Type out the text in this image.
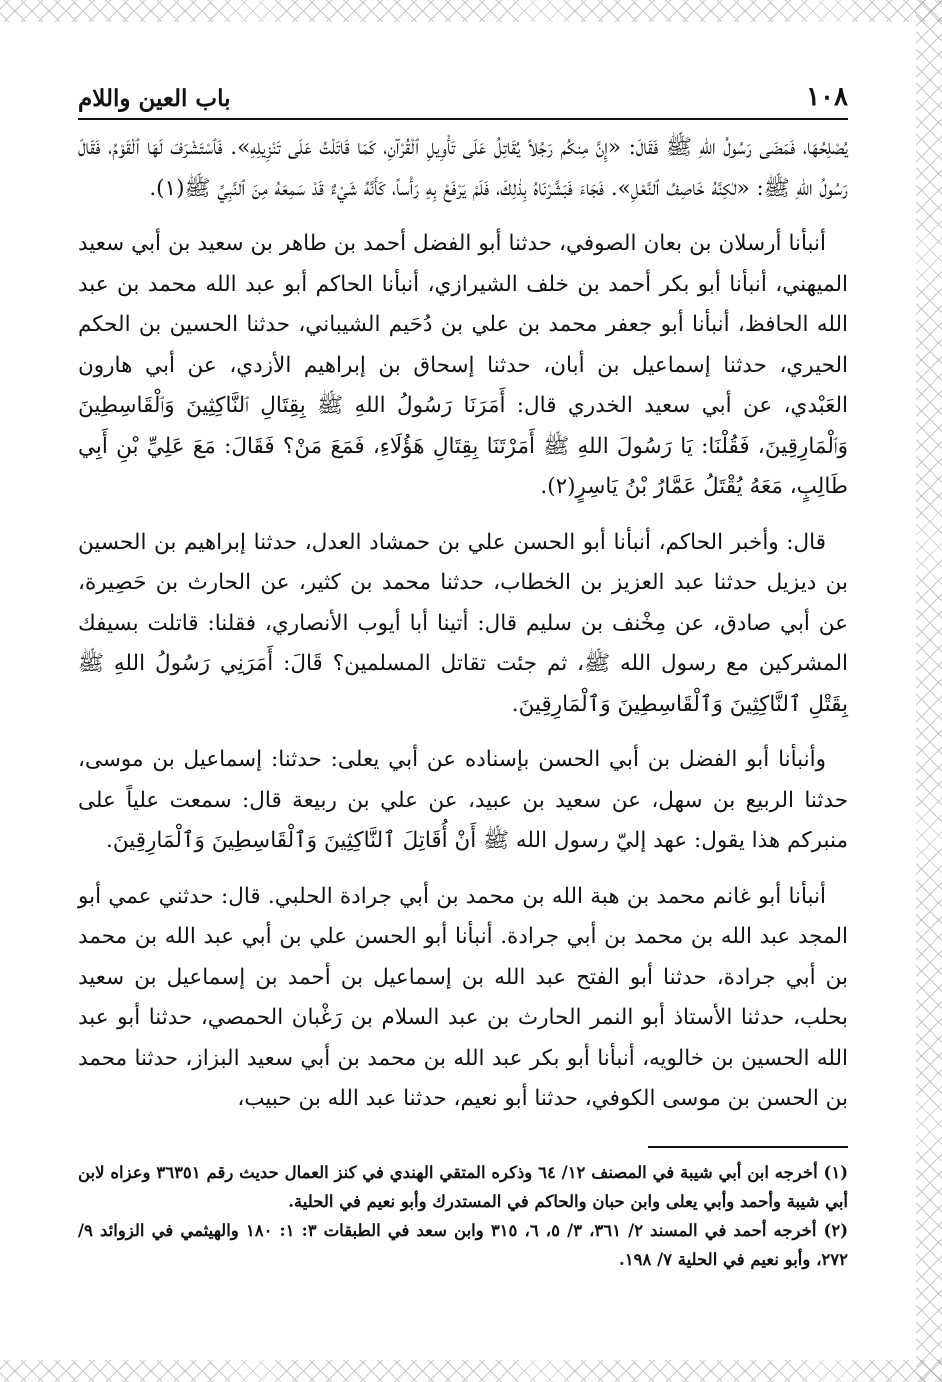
١٠٨
باب العين واللام

يُصْلِحُهَا، فَمَضَى رَسُولُ اللهِ ﷺ فَقَالَ: «إِنَّ مِنكُم رَجُلاً يُقَاتِلُ عَلَى تَأْوِيلِ ٱلْقُرْآنِ، كَمَا قَاتَلْتُ عَلَى تَنْزِيلِهِ». فَٱسْتَشْرَفَ لَهَا ٱلْقَوْمُ، فَقَالَ رَسُولُ اللهِ ﷺ: «لٰكِنَّهُ خَاصِفُ ٱلنَّعْلِ». فَجَاءَ فَبَشَّرْنَاهُ بِذٰلِكَ، فَلَمْ يَرْفَعْ بِهِ رَأْساً، كَأَنَّهُ شَيْءٌ قَدْ سَمِعَهُ مِنَ ٱلنَّبِيِّ ﷺ(١).

أنبأنا أرسلان بن بعان الصوفي، حدثنا أبو الفضل أحمد بن طاهر بن سعيد بن أبي سعيد الميهني، أنبأنا أبو بكر أحمد بن خلف الشيرازي، أنبأنا الحاكم أبو عبد الله محمد بن عبد الله الحافظ، أنبأنا أبو جعفر محمد بن علي بن دُحَيم الشيباني، حدثنا الحسين بن الحكم الحيري، حدثنا إسماعيل بن أبان، حدثنا إسحاق بن إبراهيم الأزدي، عن أبي هارون العَبْدي، عن أبي سعيد الخدري قال: أَمَرَنَا رَسُولُ اللهِ ﷺ بِقِتَالِ ٱلنَّاكِثِينَ وَٱلْقَاسِطِينَ وَٱلْمَارِقِينَ، فَقُلْنَا: يَا رَسُولَ اللهِ ﷺ أَمَرْتَنَا بِقِتَالِ هَؤُلَاءِ، فَمَعَ مَنْ؟ فَقَالَ: مَعَ عَلِيِّ بْنِ أَبِي طَالِبٍ، مَعَهُ يُقْتَلُ عَمَّارُ بْنُ يَاسِرٍ(٢).

قال: وأخبر الحاكم، أنبأنا أبو الحسن علي بن حمشاد العدل، حدثنا إبراهيم بن الحسين بن ديزيل حدثنا عبد العزيز بن الخطاب، حدثنا محمد بن كثير، عن الحارث بن حَصِيرة، عن أبي صادق، عن مِخْنف بن سليم قال: أتينا أبا أيوب الأنصاري، فقلنا: قاتلت بسيفك المشركين مع رسول الله ﷺ، ثم جئت تقاتل المسلمين؟ قَالَ: أَمَرَنِي رَسُولُ اللهِ ﷺ بِقَتْلِ ٱلنَّاكِثِينَ وَٱلْقَاسِطِينَ وَٱلْمَارِقِينَ.

وأنبأنا أبو الفضل بن أبي الحسن بإسناده عن أبي يعلى: حدثنا: إسماعيل بن موسى، حدثنا الربيع بن سهل، عن سعيد بن عبيد، عن علي بن ربيعة قال: سمعت علياً على منبركم هذا يقول: عهد إليّ رسول الله ﷺ أَنْ أُقَاتِلَ ٱلنَّاكِثِينَ وَٱلْقَاسِطِينَ وَٱلْمَارِقِينَ.

أنبأنا أبو غانم محمد بن هبة الله بن محمد بن أبي جرادة الحلبي. قال: حدثني عمي أبو المجد عبد الله بن محمد بن أبي جرادة. أنبأنا أبو الحسن علي بن أبي عبد الله بن محمد بن أبي جرادة، حدثنا أبو الفتح عبد الله بن إسماعيل بن أحمد بن إسماعيل بن سعيد بحلب، حدثنا الأستاذ أبو النمر الحارث بن عبد السلام بن رَغْبان الحمصي، حدثنا أبو عبد الله الحسين بن خالويه، أنبأنا أبو بكر عبد الله بن محمد بن أبي سعيد البزاز، حدثنا محمد بن الحسن بن موسى الكوفي، حدثنا أبو نعيم، حدثنا عبد الله بن حبيب،

(١) أخرجه ابن أبي شيبة في المصنف ١٢/ ٦٤ وذكره المتقي الهندي في كنز العمال حديث رقم ٣٦٣٥١ وعزاه لابن أبي شيبة وأحمد وأبي يعلى وابن حبان والحاكم في المستدرك وأبو نعيم في الحلية.

(٢) أخرجه أحمد في المسند ٢/ ٣٦١، ٣/ ٥، ٦، ٣١٥ وابن سعد في الطبقات ٣: ١: ١٨٠ والهيثمي في الزوائد ٩/ ٢٧٢، وأبو نعيم في الحلية ٧/ ١٩٨.
